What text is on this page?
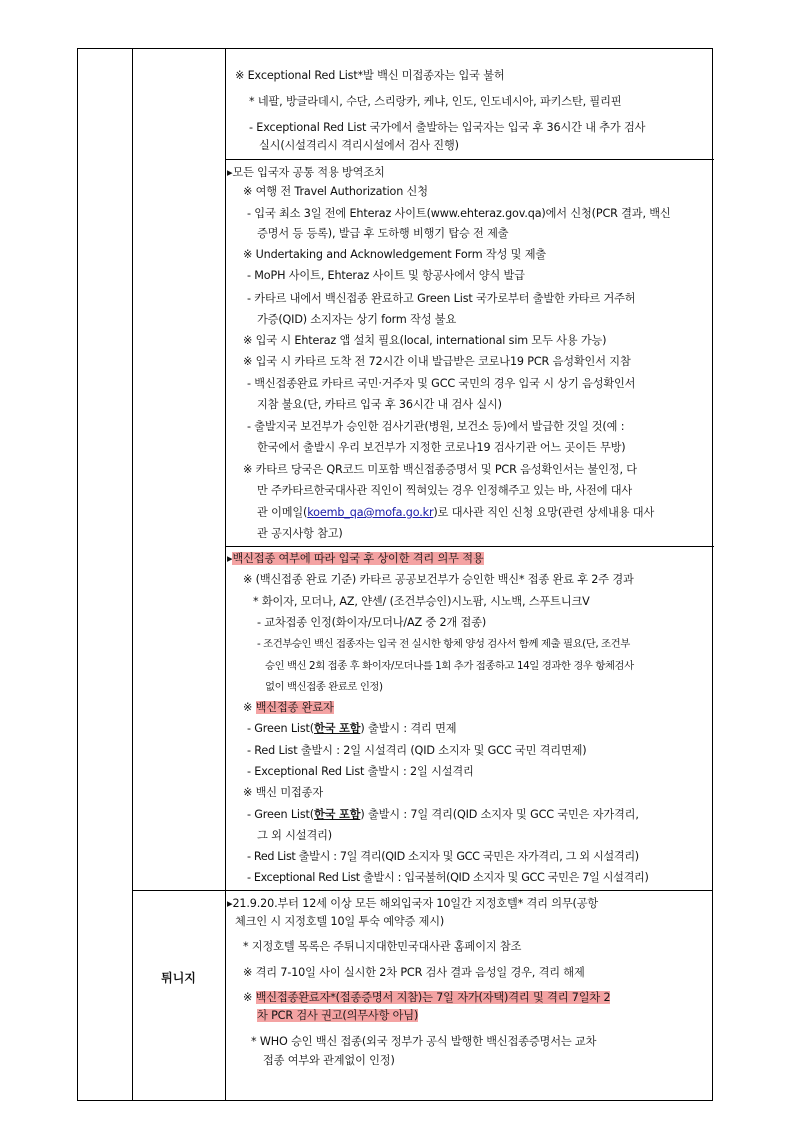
※ Exceptional Red List*발 백신 미접종자는 입국 불허
* 네팔, 방글라데시, 수단, 스리랑카, 케냐, 인도, 인도네시아, 파키스탄, 필리핀
- Exceptional Red List 국가에서 출발하는 입국자는 입국 후 36시간 내 추가 검사
실시(시설격리시 격리시설에서 검사 진행)
▸모든 입국자 공통 적용 방역조치
※ 여행 전 Travel Authorization 신청
- 입국 최소 3일 전에 Ehteraz 사이트(www.ehteraz.gov.qa)에서 신청(PCR 결과, 백신
증명서 등 등록), 발급 후 도하행 비행기 탑승 전 제출
※ Undertaking and Acknowledgement Form 작성 및 제출
- MoPH 사이트, Ehteraz 사이트 및 항공사에서 양식 발급
- 카타르 내에서 백신접종 완료하고 Green List 국가로부터 출발한 카타르 거주허
가증(QID) 소지자는 상기 form 작성 불요
※ 입국 시 Ehteraz 앱 설치 필요(local, international sim 모두 사용 가능)
※ 입국 시 카타르 도착 전 72시간 이내 발급받은 코로나19 PCR 음성확인서 지참
- 백신접종완료 카타르 국민·거주자 및 GCC 국민의 경우 입국 시 상기 음성확인서
지참 불요(단, 카타르 입국 후 36시간 내 검사 실시)
- 출발지국 보건부가 승인한 검사기관(병원, 보건소 등)에서 발급한 것일 것(예 :
한국에서 출발시 우리 보건부가 지정한 코로나19 검사기관 어느 곳이든 무방)
※ 카타르 당국은 QR코드 미포함 백신접종증명서 및 PCR 음성확인서는 불인정, 다
만 주카타르한국대사관 직인이 찍혀있는 경우 인정해주고 있는 바, 사전에 대사
관 이메일(koemb_qa@mofa.go.kr)로 대사관 직인 신청 요망(관련 상세내용 대사
관 공지사항 참고)
▸백신접종 여부에 따라 입국 후 상이한 격리 의무 적용
※ (백신접종 완료 기준) 카타르 공공보건부가 승인한 백신* 접종 완료 후 2주 경과
* 화이자, 모더나, AZ, 얀센/ (조건부승인)시노팜, 시노백, 스푸트니크V
- 교차접종 인정(화이자/모더나/AZ 중 2개 접종)
- 조건부승인 백신 접종자는 입국 전 실시한 항체 양성 검사서 함께 제출 필요(단, 조건부
승인 백신 2회 접종 후 화이자/모더나를 1회 추가 접종하고 14일 경과한 경우 항체검사
없이 백신접종 완료로 인정)
※ 백신접종 완료자
- Green List(한국 포함) 출발시 : 격리 면제
- Red List 출발시 : 2일 시설격리 (QID 소지자 및 GCC 국민 격리면제)
- Exceptional Red List 출발시 : 2일 시설격리
※ 백신 미접종자
- Green List(한국 포함) 출발시 : 7일 격리(QID 소지자 및 GCC 국민은 자가격리,
그 외 시설격리)
- Red List 출발시 : 7일 격리(QID 소지자 및 GCC 국민은 자가격리, 그 외 시설격리)
- Exceptional Red List 출발시 : 입국불허(QID 소지자 및 GCC 국민은 7일 시설격리)
튀니지
▸21.9.20.부터 12세 이상 모든 해외입국자 10일간 지정호텔* 격리 의무(공항
체크인 시 지정호텔 10일 투숙 예약증 제시)
* 지정호텔 목록은 주튀니지대한민국대사관 홈페이지 참조
※ 격리 7-10일 사이 실시한 2차 PCR 검사 결과 음성일 경우, 격리 해제
※ 백신접종완료자*(접종증명서 지참)는 7일 자가(자택)격리 및 격리 7일차 2
차 PCR 검사 권고(의무사항 아님)
* WHO 승인 백신 접종(외국 정부가 공식 발행한 백신접종증명서는 교차
접종 여부와 관계없이 인정)
